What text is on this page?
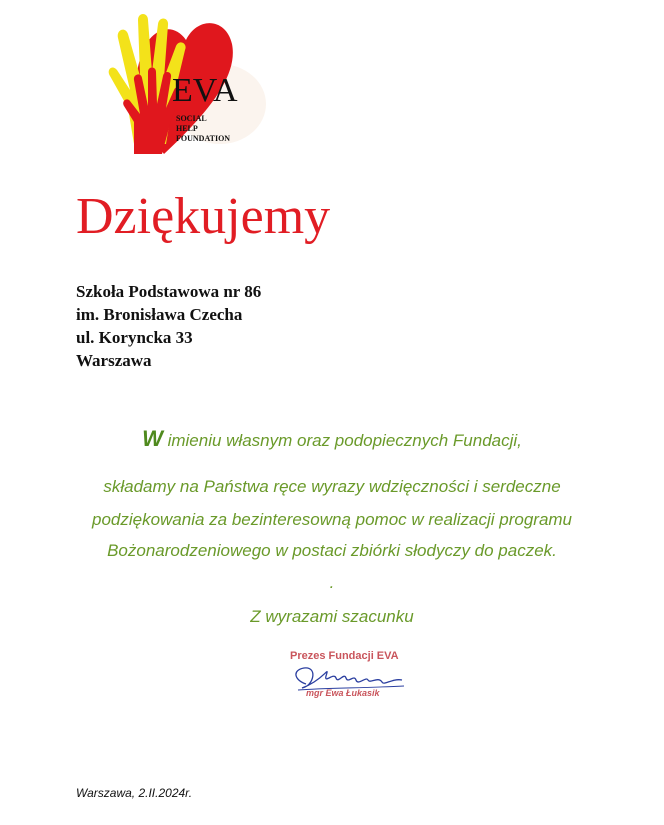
EVA
SOCIAL
HELP
FOUNDATION
Dziękujemy
Szkoła Podstawowa nr 86
im. Bronisława Czecha
ul. Koryncka 33
Warszawa
W imieniu własnym oraz podopiecznych Fundacji,
składamy na Państwa ręce wyrazy wdzięczności i serdeczne
podziękowania za bezinteresowną pomoc w realizacji programu
Bożonarodzeniowego w postaci zbiórki słodyczy do paczek.
.
Z wyrazami szacunku
Prezes Fundacji EVA
mgr Ewa Łukasik
Warszawa, 2.II.2024r.
